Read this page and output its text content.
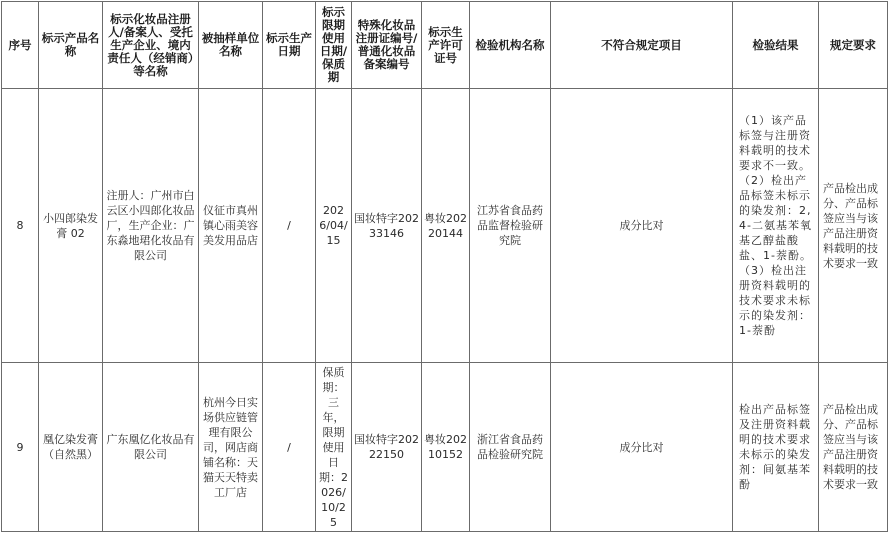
序号	标示产品名称	标示化妆品注册人/备案人、受托生产企业、境内责任人（经销商）等名称	被抽样单位名称	标示生产日期	标示限期使用日期/保质期	特殊化妆品注册证编号/普通化妆品备案编号	标示生产许可证号	检验机构名称	不符合规定项目	检验结果	规定要求
8	小四郎染发膏 02	注册人：广州市白云区小四郎化妆品厂，生产企业：广东淼地珺化妆品有限公司	仪征市真州镇心雨美容美发用品店	/	2026/04/15	国妆特字20233146	粤妆20220144	江苏省食品药品监督检验研究院	成分比对	（1）该产品标签与注册资料载明的技术要求不一致。（2）检出产品标签未标示的染发剂：2,4-二氨基苯氧基乙醇盐酸盐、1-萘酚。（3）检出注册资料载明的技术要求未标示的染发剂：1-萘酚	产品检出成分、产品标签应当与该产品注册资料载明的技术要求一致
9	凰亿染发膏（自然黑）	广东凰亿化妆品有限公司	杭州今日实场供应链管理有限公司，网店商铺名称：天猫天天特卖工厂店	/	保质期：三年，限期使用日期：2026/10/25	国妆特字20222150	粤妆20210152	浙江省食品药品检验研究院	成分比对	检出产品标签及注册资料载明的技术要求未标示的染发剂：间氨基苯酚	产品检出成分、产品标签应当与该产品注册资料载明的技术要求一致
